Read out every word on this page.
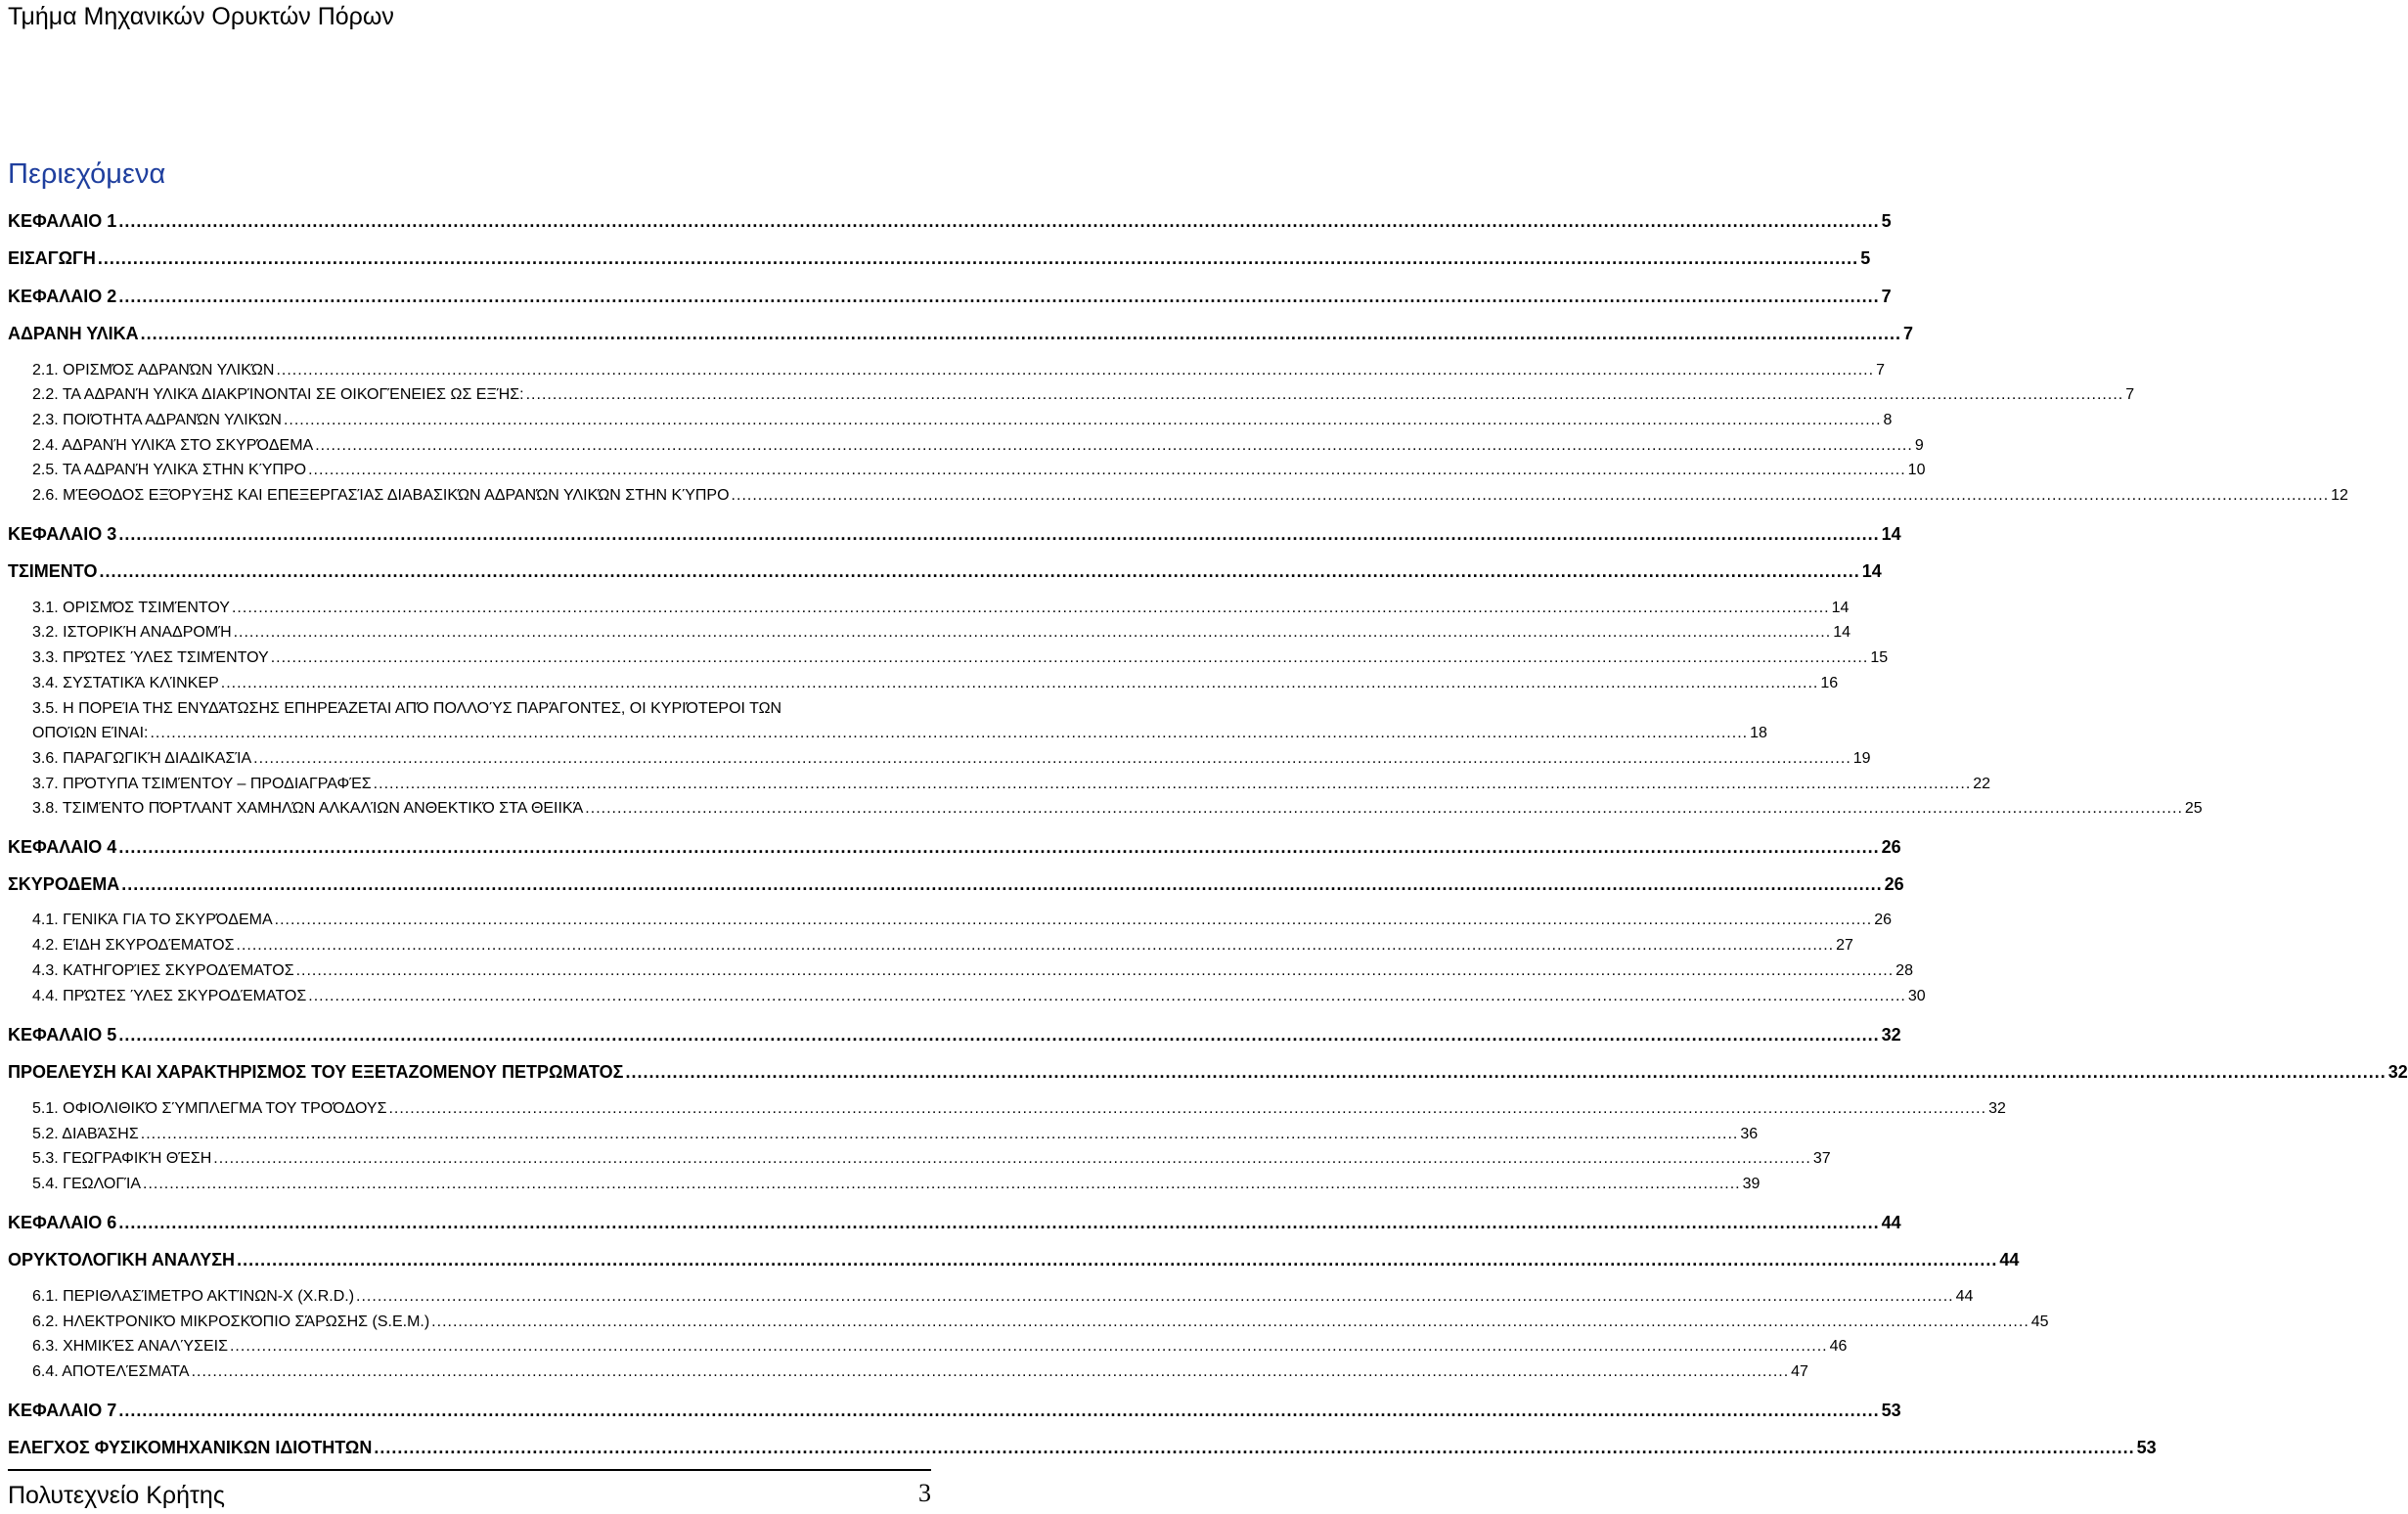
Τμήμα Μηχανικών Ορυκτών Πόρων
Περιεχόμενα
ΚΕΦΑΛΑΙΟ 1 ............................................................................................................................................................................................................................................................................................................ 5
ΕΙΣΑΓΩΓΗ ............................................................................................................................................................................................................................................................................................................ 5
ΚΕΦΑΛΑΙΟ 2 ............................................................................................................................................................................................................................................................................................................ 7
ΑΔΡΑΝΗ ΥΛΙΚΑ ............................................................................................................................................................................................................................................................................................................ 7
2.1. ΟΡΙΣΜΌΣ ΑΔΡΑΝΏΝ ΥΛΙΚΏΝ ............................................................................................................................................................................................................................................................................................................ 7
2.2. ΤΑ ΑΔΡΑΝΉ ΥΛΙΚΆ ΔΙΑΚΡΊΝΟΝΤΑΙ ΣΕ ΟΙΚΟΓΈΝΕΙΕΣ ΩΣ ΕΞΉΣ: ............................................................................................................................................................................................................................................................................................................ 7
2.3. ΠΟΙΌΤΗΤΑ ΑΔΡΑΝΏΝ ΥΛΙΚΏΝ ............................................................................................................................................................................................................................................................................................................ 8
2.4. ΑΔΡΑΝΉ ΥΛΙΚΆ ΣΤΟ ΣΚΥΡΌΔΕΜΑ ............................................................................................................................................................................................................................................................................................................ 9
2.5. ΤΑ ΑΔΡΑΝΉ ΥΛΙΚΆ ΣΤΗΝ ΚΎΠΡΟ ............................................................................................................................................................................................................................................................................................................ 10
2.6. ΜΈΘΟΔΟΣ ΕΞΌΡΥΞΗΣ ΚΑΙ ΕΠΕΞΕΡΓΑΣΊΑΣ ΔΙΑΒΑΣΙΚΏΝ ΑΔΡΑΝΏΝ ΥΛΙΚΏΝ ΣΤΗΝ ΚΎΠΡΟ ............................................................................................................................................................................................................................................................................................................ 12
ΚΕΦΑΛΑΙΟ 3 ............................................................................................................................................................................................................................................................................................................ 14
ΤΣΙΜΕΝΤΟ ............................................................................................................................................................................................................................................................................................................ 14
3.1. ΟΡΙΣΜΌΣ ΤΣΙΜΈΝΤΟΥ ............................................................................................................................................................................................................................................................................................................ 14
3.2. ΙΣΤΟΡΙΚΉ ΑΝΑΔΡΟΜΉ ............................................................................................................................................................................................................................................................................................................ 14
3.3. ΠΡΏΤΕΣ ΎΛΕΣ ΤΣΙΜΈΝΤΟΥ ............................................................................................................................................................................................................................................................................................................ 15
3.4. ΣΥΣΤΑΤΙΚΆ ΚΛΊΝΚΕΡ ............................................................................................................................................................................................................................................................................................................ 16
ΟΠΟΊΩΝ ΕΊΝΑΙ: ............................................................................................................................................................................................................................................................................................................ 18
3.5. Η ΠΟΡΕΊΑ ΤΗΣ ΕΝΥΔΆΤΩΣΗΣ ΕΠΗΡΕΆΖΕΤΑΙ ΑΠΌ ΠΟΛΛΟΎΣ ΠΑΡΆΓΟΝΤΕΣ, ΟΙ ΚΥΡΙΌΤΕΡΟΙ ΤΩΝ
3.6. ΠΑΡΑΓΩΓΙΚΉ ΔΙΑΔΙΚΑΣΊΑ ............................................................................................................................................................................................................................................................................................................ 19
3.7. ΠΡΌΤΥΠΑ ΤΣΙΜΈΝΤΟΥ – ΠΡΟΔΙΑΓΡΑΦΈΣ ............................................................................................................................................................................................................................................................................................................ 22
3.8. ΤΣΙΜΈΝΤΟ ΠΌΡΤΛΑΝΤ ΧΑΜΗΛΏΝ ΑΛΚΑΛΊΩΝ ΑΝΘΕΚΤΙΚΌ ΣΤΑ ΘΕΙΙΚΆ ............................................................................................................................................................................................................................................................................................................ 25
ΚΕΦΑΛΑΙΟ 4 ............................................................................................................................................................................................................................................................................................................ 26
ΣΚΥΡΟΔΕΜΑ ............................................................................................................................................................................................................................................................................................................ 26
4.1. ΓΕΝΙΚΆ ΓΙΑ ΤΟ ΣΚΥΡΌΔΕΜΑ ............................................................................................................................................................................................................................................................................................................ 26
4.2. ΕΊΔΗ ΣΚΥΡΟΔΈΜΑΤΟΣ ............................................................................................................................................................................................................................................................................................................ 27
4.3. ΚΑΤΗΓΟΡΊΕΣ ΣΚΥΡΟΔΈΜΑΤΟΣ ............................................................................................................................................................................................................................................................................................................ 28
4.4. ΠΡΏΤΕΣ ΎΛΕΣ ΣΚΥΡΟΔΈΜΑΤΟΣ ............................................................................................................................................................................................................................................................................................................ 30
ΚΕΦΑΛΑΙΟ 5 ............................................................................................................................................................................................................................................................................................................ 32
ΠΡΟΕΛΕΥΣΗ ΚΑΙ ΧΑΡΑΚΤΗΡΙΣΜΟΣ ΤΟΥ ΕΞΕΤΑΖΟΜΕΝΟΥ ΠΕΤΡΩΜΑΤΟΣ ............................................................................................................................................................................................................................................................................................................ 32
5.1. ΟΦΙΟΛΙΘΙΚΌ ΣΎΜΠΛΕΓΜΑ ΤΟΥ ΤΡΟΌΔΟΥΣ ............................................................................................................................................................................................................................................................................................................ 32
5.2. ΔΙΑΒΆΣΗΣ ............................................................................................................................................................................................................................................................................................................ 36
5.3. ΓΕΩΓΡΑΦΙΚΉ ΘΈΣΗ ............................................................................................................................................................................................................................................................................................................ 37
5.4. ΓΕΩΛΟΓΊΑ ............................................................................................................................................................................................................................................................................................................ 39
ΚΕΦΑΛΑΙΟ 6 ............................................................................................................................................................................................................................................................................................................ 44
ΟΡΥΚΤΟΛΟΓΙΚΗ ΑΝΑΛΥΣΗ ............................................................................................................................................................................................................................................................................................................ 44
6.1. ΠΕΡΙΘΛΑΣΊΜΕΤΡΟ ΑΚΤΊΝΩΝ-Χ (X.R.D.) ............................................................................................................................................................................................................................................................................................................ 44
6.2. ΗΛΕΚΤΡΟΝΙΚΌ ΜΙΚΡΟΣΚΌΠΙΟ ΣΆΡΩΣΗΣ (S.E.M.) ............................................................................................................................................................................................................................................................................................................ 45
6.3. ΧΗΜΙΚΈΣ ΑΝΑΛΎΣΕΙΣ ............................................................................................................................................................................................................................................................................................................ 46
6.4. ΑΠΟΤΕΛΈΣΜΑΤΑ ............................................................................................................................................................................................................................................................................................................ 47
ΚΕΦΑΛΑΙΟ 7 ............................................................................................................................................................................................................................................................................................................ 53
ΕΛΕΓΧΟΣ ΦΥΣΙΚΟΜΗΧΑΝΙΚΩΝ ΙΔΙΟΤΗΤΩΝ ............................................................................................................................................................................................................................................................................................................ 53
Πολυτεχνείο Κρήτης	3
